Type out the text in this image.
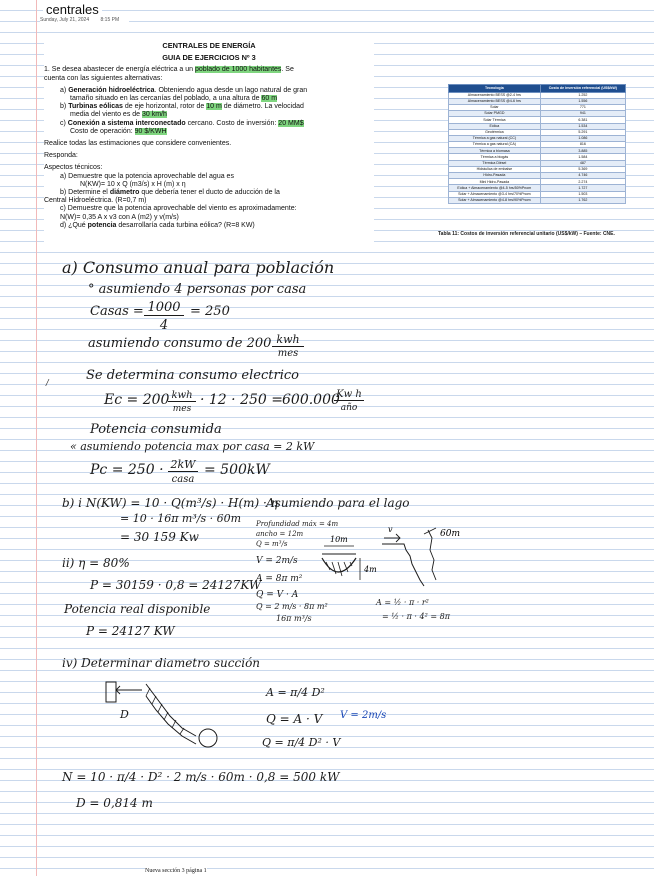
centrales
Sunday, July 21, 2024 8:15 PM

CENTRALES DE ENERGÍA

GUIA DE EJERCICIOS Nº 3

1. Se desea abastecer de energía eléctrica a un poblado de 1000 habitantes. Se

cuenta con las siguientes alternativas:

a) Generación hidroeléctrica. Obteniendo agua desde un lago natural de gran

tamaño situado en las cercanías del poblado, a una altura de 60 m

b) Turbinas eólicas de eje horizontal, rotor de 10 m de diámetro. La velocidad

media del viento es de 30 km/h

c) Conexión a sistema interconectado cercano. Costo de inversión: 20 MM$

Costo de operación: 90 $/KWH

Realice todas las estimaciones que considere convenientes.

Responda:

Aspectos técnicos:

a) Demuestre que la potencia aprovechable del agua es

N(KW)= 10 x Q (m3/s) x H (m) x η

b) Determine el diámetro que debería tener el ducto de aducción de la

Central Hidroeléctrica. (R=0,7 m)

c) Demuestre que la potencia aprovechable del viento es aproximadamente:

N(W)= 0,35 A x v3 con A (m2) y v(m/s)

d) ¿Qué potencia desarrollaría cada turbina eólica? (R=8 KW)

Tecnología	Costo de inversión referencial (US$/kW)
Almacenamiento BESS @2-4 hrs	1.252
Almacenamiento BESS @4-6 hrs	1.556
Solar	771
Solar PMGD	941
Solar Térmica	6.381
Eólica	1.534
Geotérmica	5.291
Térmica a gas natural (CC)	1.086
Térmica a gas natural (CA)	816
Térmica a biomasa	3.885
Térmica a biogás	1.584
Térmica Diésel	487
Hidráulica de embalse	5.369
Hidro-Pasada	4.746
Mini Hidro-Pasada	2.274
Eólica + Almacenamiento @4-5 hrs/50%Pnom	1.727
Solar + Almacenamiento @3-4 hrs/70%Pnom	1.503
Solar + Almacenamiento @4-8 hrs/90%Pnom	1.762
Tabla 11: Costos de inversión referencial unitario (US$/kW) – Fuente: CNE.
a) Consumo anual para población
° asumiendo 4 personas por casa
Casas = 1000
4
= 250
asumiendo consumo de 200 kwh
mes
Se determina consumo electrico
/
Ec = 200 kwh
mes
· 12 · 250 = 600.000
Kw h
año
Potencia consumida
« asumiendo potencia max por casa = 2 kW
Pc = 250 · 2kW
casa
= 500kW
b) i N(KW) = 10 · Q(m³/s) · H(m) · η
= 10 · 16π m³/s · 60m
= 30 159 Kw
ii) η = 80%
P = 30159 · 0,8 = 24127KW
Potencia real disponible
P = 24127 KW
Asumiendo para el lago
Profundidad máx = 4m
ancho = 12m
Q = m³/s
V = 2m/s
A = 8π m²
Q = V · A
Q = 2 m/s · 8π m²
16π m³/s
A = ½ · π · r²
= ½ · π · 4² = 8π
10m
4m
v	60m
iv) Determinar diametro succión
D
A = π/4 D²
Q = A · V V = 2m/s
Q = π/4 D² · V
N = 10 · π/4 · D² · 2 m/s · 60m · 0,8 = 500 kW
D = 0,814 m
Nueva sección 3 página 1
